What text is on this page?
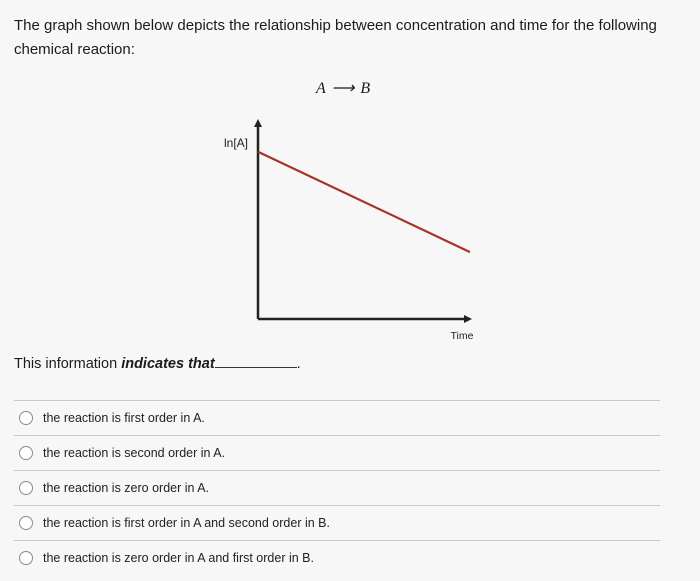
The graph shown below depicts the relationship between concentration and time for the following chemical reaction:
A ⟶ B
ln[A]
Time
This information indicates that	.
the reaction is first order in A.
the reaction is second order in A.
the reaction is zero order in A.
the reaction is first order in A and second order in B.
the reaction is zero order in A and first order in B.
